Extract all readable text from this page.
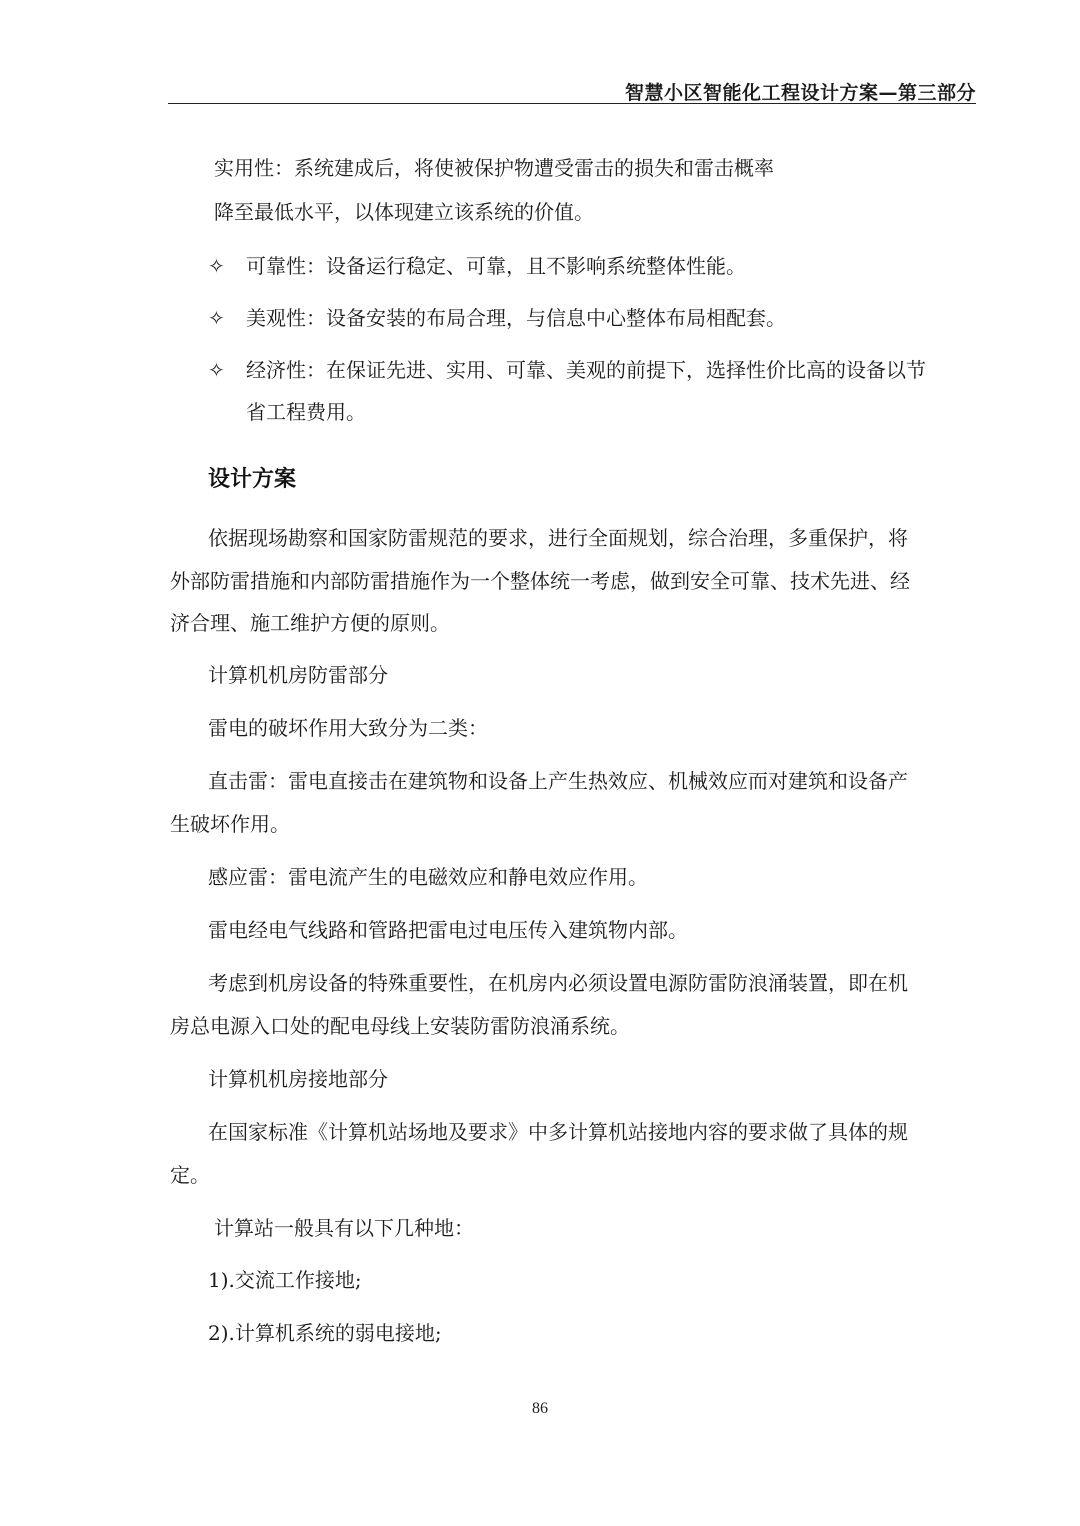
智慧小区智能化工程设计方案—第三部分
实用性：系统建成后，将使被保护物遭受雷击的损失和雷击概率
降至最低水平，以体现建立该系统的价值。
✧ 可靠性：设备运行稳定、可靠，且不影响系统整体性能。
✧ 美观性：设备安装的布局合理，与信息中心整体布局相配套。
✧ 经济性：在保证先进、实用、可靠、美观的前提下，选择性价比高的设备以节
省工程费用。
设计方案
依据现场勘察和国家防雷规范的要求，进行全面规划，综合治理，多重保护，将
外部防雷措施和内部防雷措施作为一个整体统一考虑，做到安全可靠、技术先进、经
济合理、施工维护方便的原则。
计算机机房防雷部分
雷电的破坏作用大致分为二类：
直击雷：雷电直接击在建筑物和设备上产生热效应、机械效应而对建筑和设备产
生破坏作用。
感应雷：雷电流产生的电磁效应和静电效应作用。
雷电经电气线路和管路把雷电过电压传入建筑物内部。
考虑到机房设备的特殊重要性，在机房内必须设置电源防雷防浪涌装置，即在机
房总电源入口处的配电母线上安装防雷防浪涌系统。
计算机机房接地部分
在国家标准《计算机站场地及要求》中多计算机站接地内容的要求做了具体的规
定。
计算站一般具有以下几种地：
1).交流工作接地;
2).计算机系统的弱电接地;
86
